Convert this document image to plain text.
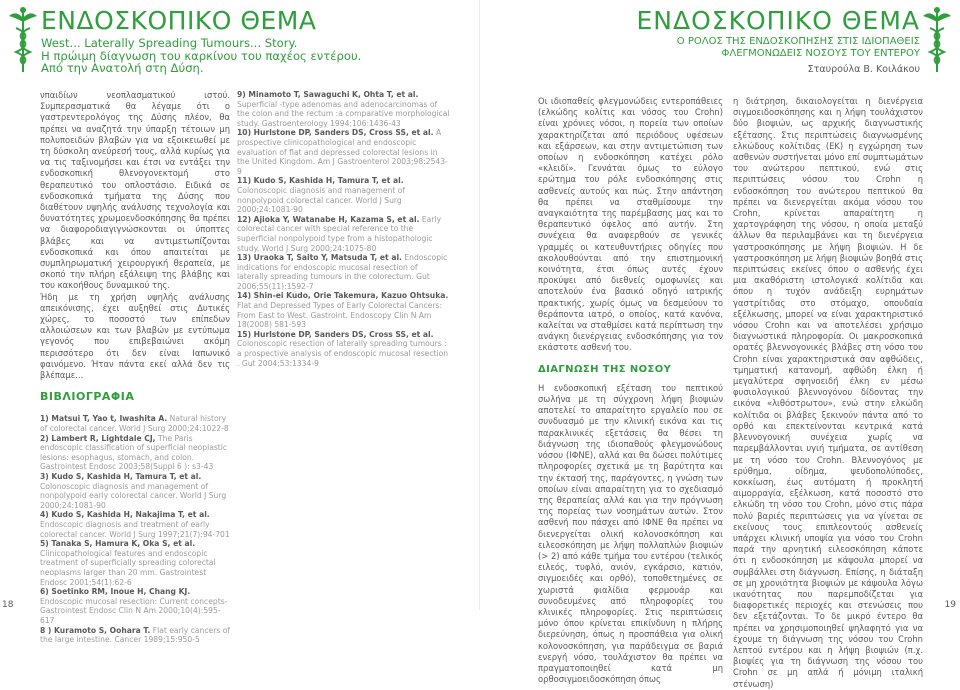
ΕΝΔΟΣΚΟΠΙΚΟ ΘΕΜΑ
West... Laterally Spreading Tumours... Story.
Η πρώιμη δίαγνωση του καρκίνου του παχέος εντέρου.
Από την Ανατολή στη Δύση.

νπαιδίων νεοπλασματικού ιστού. Συμπερασματικά θα λέγαμε ότι ο γαστρεντερολόγος της Δύσης πλέον, θα πρέπει να αναζητά την ύπαρξη τέτοιων μη πολυποειδών βλαβών για να εξοικειωθεί με τη δύσκολη ανεύρεσή τους, αλλά κυρίως για να τις ταξινομήσει και έτσι να εντάξει την ενδοσκοπική θλενογονεκτομή στο θεραπευτικό του οπλοστάσιο. Ειδικά σε ενδοσκοπικά τμήματα της Δύσης που διαθέτουν υψηλής ανάλυσης τεχνολογία και δυνατότητες χρωμοενδοσκόπησης θα πρέπει να διαφοροδιαγιγνώσκονται οι ύποπτες βλάβες και να αντιμετωπίζονται ενδοσκοπικά και όπου απαιτείται με συμπληρωματική χειρουργική θεραπεία, με σκοπό την πλήρη εξάλειψη της βλάβης και του κακοήθους δυναμικού της.

Ήδη με τη χρήση υψηλής ανάλυσης απεικόνισης, έχει αυξηθεί στις Δυτικές χώρες, το ποσοστό των επίπεδων αλλοιώσεων και των βλαβών με εντύπωμα γεγονός που επιβεβαιώνει ακόμη περισσότερο ότι δεν είναι Ιαπωνικό φαινόμενο. Ήταν πάντα εκεί αλλά δεν τις βλέπαμε...

ΒΙΒΛΙΟΓΡΑΦΙΑ
1) Matsui T, Yao t, Iwashita A. Natural history of colorectal cancer. World J Surg 2000;24:1022-8
2) Lambert R, Lightdale CJ, The Paris endoscopic classification of superficial neoplastic lesions: esophagus, stomach, and colon. Gastrointest Endosc 2003;58(Suppl 6 ): s3-43
3) Kudo S, Kashida H, Tamura T, et al. Colonoscopic diagnosis and management of nonpolypoid early colorectal cancer. World J Surg 2000;24:1081-90
4) Kudo S, Kashida H, Nakajima T, et al. Endoscopic diagnosis and treatment of early colorectal cancer. World J Surg 1997;21(7):94-701
5) Tanaka S, Hamura K, Oka S, et al. Clinicopathological features and endoscopic treatment of superficially spreading colorectal neoplasms larger than 20 mm. Gastrointest Endosc 2001;54(1):62-6
6) Soetinko RM, Inoue H, Chang KJ. Endoscopic mucosal resection: Current concepts-Gastrointest Endosc Clin N Am 2000;10(4):595-617
8 ) Kuramoto S, Oohara T. Flat early cancers of the large intestine. Cancer 1989;15:950-5
9) Minamoto T, Sawaguchi K, Ohta T, et al. Superficial -type adenomas and adenocarcinomas of the colon and the rectum :a comparative morphological study. Gastroenterology 1994;106:1436-43
10) Hurlstone DP, Sanders DS, Cross SS, et al. A prospective clinicopathological and endoscopic evaluation of flat and depressed colorectal lesions in the United Kingdom. Am J Gastroenterol 2003;98:2543-9
11) Kudo S, Kashida H, Tamura T, et al. Colonoscopic diagnosis and management of nonpolypoid colorectal cancer. World J Surg 2000;24:1081-90
12) Ajioka Y, Watanabe H, Kazama S, et al. Early colorectal cancer with special reference to the superficial nonpolypoid type from a histopathologic study. World J Surg 2000;24:1075-80
13) Uraoka T, Saito Y, Matsuda T, et al. Endoscopic indications for endoscopic mucosal resection of laterally spreading tumours in the colorectum. Gut 2006;55(11):1592-7
14) Shin-ei Kudo, Orie Takemura, Kazuo Ohtsuka. Flat and Depressed Types of Early Colorectal Cancers: From East to West. Gastroint. Endoscopy Clin N Am 18(2008) 581-593
15) Hurlstone DP, Sanders DS, Cross SS, et al. Colonoscopic resection of laterally spreading tumours : a prospective analysis of endoscopic mucosal resection . Gut 2004;53:1334-9
18
ΕΝΔΟΣΚΟΠΙΚΟ ΘΕΜΑ
Ο ΡΟΛΟΣ ΤΗΣ ΕΝΔΟΣΚΟΠΗΣΗΣ ΣΤΙΣ ΙΔΙΟΠΑΘΕΙΣ
ΦΛΕΓΜΟΝΩΔΕΙΣ ΝΟΣΟΥΣ ΤΟΥ ΕΝΤΕΡΟΥ
Σταυρούλα Β. Κοιλάκου

Οι ιδιοπαθείς φλεγμονώδεις εντεροπάθειες (ελκώδης κολίτις και νόσος του Crohn) είναι χρόνιες νόσοι, η πορεία των οποίων χαρακτηρίζεται από περιόδους υφέσεων και εξάρσεων, και στην αντιμετώπιση των οποίων η ενδοσκόπηση κατέχει ρόλο «κλειδί». Γεννάται όμως το εύλογο ερώτημα του ρόλε ενδοσκόπησης στις ασθενείς αυτούς και πώς. Στην απάντηση θα πρέπει να σταθμίσουμε την αναγκαιότητα της παρέμβασης μας και το θεραπευτικό όφελος από αυτήν. Στη συνέχεια θα αναφερθούν σε γενικές γραμμές οι κατευθυντήριες οδηγίες που ακολουθούνται από την επιστημονική κοινότητα, έτσι όπως αυτές έχουν προκύψει από διεθνείς ομοφωνίες και αποτελούν ένα βασικό οδηγό ιατρικής πρακτικής, χωρίς όμως να δεσμεύουν το θεράποντα ιατρό, ο οποίος, κατά κανόνα, καλείται να σταθμίσει κατά περίπτωση την ανάγκη διενέργειας ενδοσκόπησης για τον εκάστοτε ασθενή του.

ΔΙΑΓΝΩΣΗ ΤΗΣ ΝΟΣΟΥ

Η ενδοσκοπική εξέταση του πεπτικού σωλήνα με τη σύγχρονη λήψη βιοψιών αποτελεί το απαραίτητο εργαλείο που σε συνδυασμό με την κλινική εικόνα και τις παρακλινικές εξετάσεις θα θέσει τη διάγνωση της ιδιοπαθούς φλεγμονώδους νόσου (ΙΦΝΕ), αλλά και θα δώσει πολύτιμες πληροφορίες σχετικά με τη βαρύτητα και την έκτασή της, παράγοντες, η γνώση των οποίων είναι απαραίτητη για το σχεδιασμό της θεραπείας αλλά και για την πρόγνωση της πορείας των νοσημάτων αυτών. Στον ασθενή που πάσχει από ΙΦΝΕ θα πρέπει να διενεργείται ολική κολονοσκόπηση και ειλεοσκόπηση με λήψη πολλαπλών βιοψιών (> 2) από κάθε τμήμα του εντέρου (τελικός ειλεός, τυφλό, ανιόν, εγκάρσιο, κατιόν, σιγμοειδές και ορθό), τοποθετημένες σε χωριστά φιαλίδια φερμουάρ και συνοδευμένες από πληροφορίες του κλινικές πληροφορίες. Στις περιπτώσεις μόνο όπου κρίνεται επικίνδυνη η πλήρης διερεύνηση, όπως η προσπάθεια για ολική κολονοσκόπηση, για παράδειγμα σε βαριά ενεργή νόσο, τουλάχιστον θα πρέπει να πραγματοποιηθεί κατά μη ορθοσιγμοειδοσκόπηση όπως

η διάτρηση, δικαιολογείται η διενέργεια σιγμοειδοσκόπησης και η λήψη τουλάχιστον δύο βιοψιών, ως αρχικής διαγνωστικής εξέτασης. Στις περιπτώσεις διαγνωσμένης ελκώδους κολίτιδας (ΕΚ) η εγχώρηση των ασθενών συστήνεται μόνο επί συμπτωμάτων του ανώτερου πεπτικού, ενώ στις περιπτώσεις νόσου του Crohn η ενδοσκόπηση του ανώτερου πεπτικού θα πρέπει να διενεργείται ακόμα νόσου του Crohn, κρίνεται απαραίτητη η χαρτογράφηση της νόσου, η οποία μεταξύ άλλων θα περιλαμβάνει και τη διενέργεια γαστροσκόπησης με λήψη βιοψιών. Η δε γαστροσκόπηση με λήψη βιοψιών βοηθά στις περιπτώσεις εκείνες όπου ο ασθενής έχει μια ακαθόριστη ιστολογικά κολίτιδα και όπου η τυχόν ανάδειξη ευρημάτων γαστρίτιδας στο στόμαχο, οπουδαία εξέλκωσης, μπορεί να είναι χαρακτηριστικό νόσου Crohn και να αποτελέσει χρήσιμο διαγνωστικά πληροφορία. Οι μακροσκοπικά ορατές βλεννογονικές βλάβες στη νόσο του Crohn είναι χαρακτηριστικά σαν αφθώδεις, τμηματική κατανομή, αφθώδη έλκη ή μεγαλύτερα σφηνοειδή έλκη εν μέσω φυσιολογικού βλεννογόνου δίδοντας την εικόνα «λιθόστρωτου», ενώ στην ελκώδη κολίτιδα οι βλάβες ξεκινούν πάντα από το ορθό και επεκτείνονται κεντρικά κατά βλεννογονική συνέχεια χωρίς να παρεμβάλλονται υγιή τμήματα, σε αντίθεση με τη νόσο του Crohn. Βλεννογόνος με ερύθημα, οίδημα, ψευδοπολύποδες, κοκκίωση, έως αυτόματη ή προκλητή αιμορραγία, εξέλκωση, κατά ποσοστό στο ελκώδη τη νόσο του Crohn, μόνο στις πάρα πολύ βαριές περιπτώσεις για να γίνεται σε εκείνους τους επιπλεοντούς ασθενείς υπάρχει κλινική υποψία για νόσο του Crohn παρά την αρνητική ειλεοσκόπηση κάποτε ότι η ενδοσκόπηση με κάψουλα μπορεί να συμβάλλει στη διάγνωση. Επίσης, η διάταξη σε μη χρονιότητα βιοψιών με κάψουλα λόγω ικανότητας που παρεμποδίζεται για διαφορετικές περιοχές και στενώσεις που δεν εξετάζονται. Το δε μικρό έντερο θα πρέπει να χρησιμοποιηθεί ψηλαφητό για να έχουμε τη διάγνωση της νόσου του Crohn λεπτού εντέρου και η λήψη βιοψιών (π.χ. βιοψίες για τη διάγνωση της νόσου του Crohn σε μη απλά ή μόνιμη ιταλική στένωση)

19
